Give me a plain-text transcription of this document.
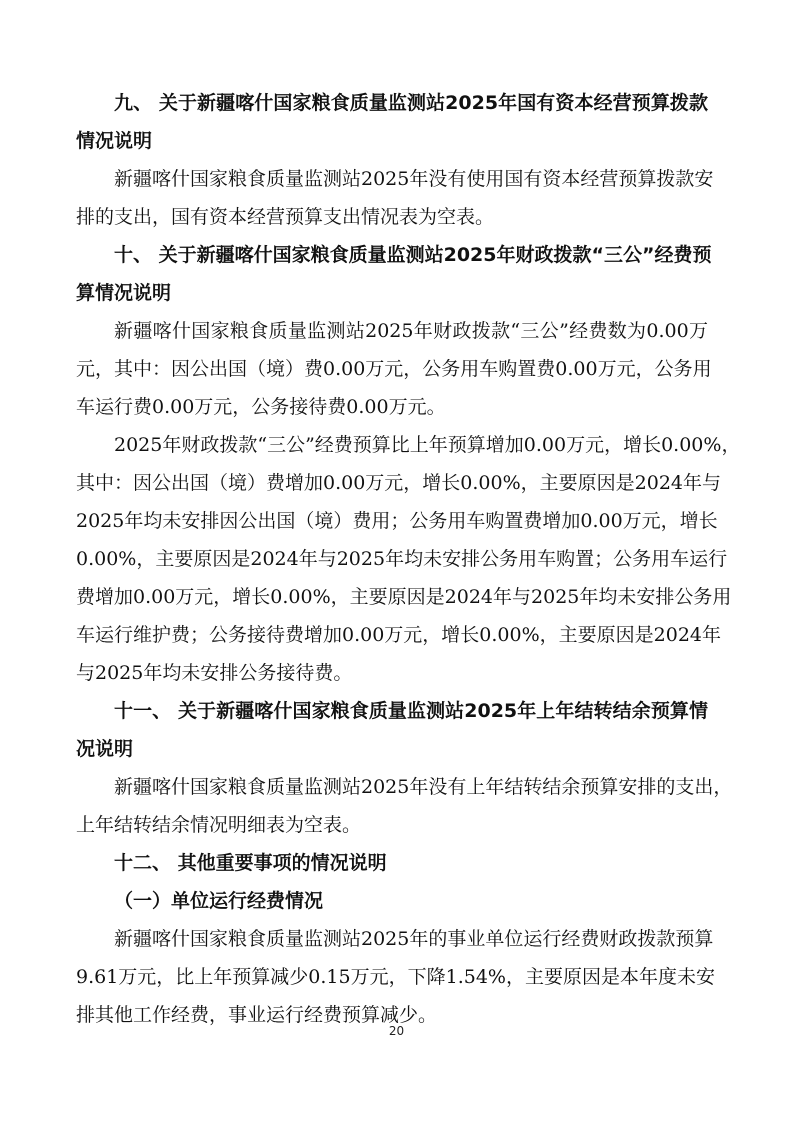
九、 关于新疆喀什国家粮食质量监测站2025年国有资本经营预算拨款
情况说明
新疆喀什国家粮食质量监测站2025年没有使用国有资本经营预算拨款安
排的支出，国有资本经营预算支出情况表为空表。
十、 关于新疆喀什国家粮食质量监测站2025年财政拨款“三公”经费预
算情况说明
新疆喀什国家粮食质量监测站2025年财政拨款“三公”经费数为0.00万
元，其中：因公出国（境）费0.00万元，公务用车购置费0.00万元，公务用
车运行费0.00万元，公务接待费0.00万元。
2025年财政拨款“三公”经费预算比上年预算增加0.00万元，增长0.00%，
其中：因公出国（境）费增加0.00万元，增长0.00%，主要原因是2024年与
2025年均未安排因公出国（境）费用；公务用车购置费增加0.00万元，增长
0.00%，主要原因是2024年与2025年均未安排公务用车购置；公务用车运行
费增加0.00万元，增长0.00%，主要原因是2024年与2025年均未安排公务用
车运行维护费；公务接待费增加0.00万元，增长0.00%，主要原因是2024年
与2025年均未安排公务接待费。
十一、 关于新疆喀什国家粮食质量监测站2025年上年结转结余预算情
况说明
新疆喀什国家粮食质量监测站2025年没有上年结转结余预算安排的支出，
上年结转结余情况明细表为空表。
十二、 其他重要事项的情况说明
（一）单位运行经费情况
新疆喀什国家粮食质量监测站2025年的事业单位运行经费财政拨款预算
9.61万元，比上年预算减少0.15万元，下降1.54%，主要原因是本年度未安
排其他工作经费，事业运行经费预算减少。
20
